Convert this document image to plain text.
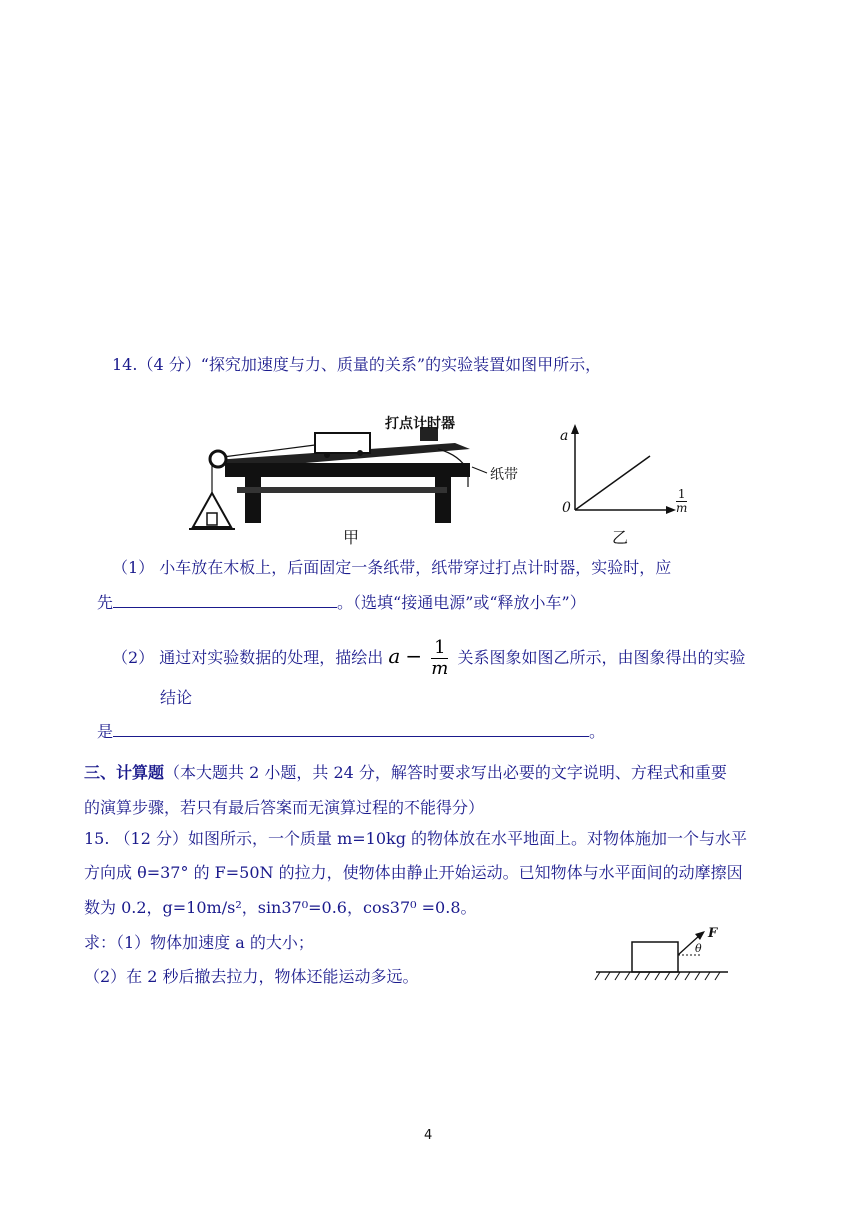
14.（4 分）“探究加速度与力、质量的关系”的实验装置如图甲所示，
打点计时器
纸带
甲
a
0	$\frac{1}{m}$
乙
（1） 小车放在木板上，后面固定一条纸带，纸带穿过打点计时器，实验时，应
先	。（选填“接通电源”或“释放小车”）
（2） 通过对实验数据的处理，描绘出 $a - \frac{1}{m}$ 关系图象如图乙所示，由图象得出的实验
结论
是	。
三、计算题（本大题共 2 小题，共 24 分，解答时要求写出必要的文字说明、方程式和重要
的演算步骤，若只有最后答案而无演算过程的不能得分）
15. （12 分）如图所示，一个质量 m=10kg 的物体放在水平地面上。对物体施加一个与水平
方向成 θ=37° 的 F=50N 的拉力，使物体由静止开始运动。已知物体与水平面间的动摩擦因
数为 0.2，g=10m/s²，sin37⁰=0.6，cos37⁰ =0.8。
求：（1）物体加速度 a 的大小；
（2）在 2 秒后撤去拉力，物体还能运动多远。
F
θ
4
